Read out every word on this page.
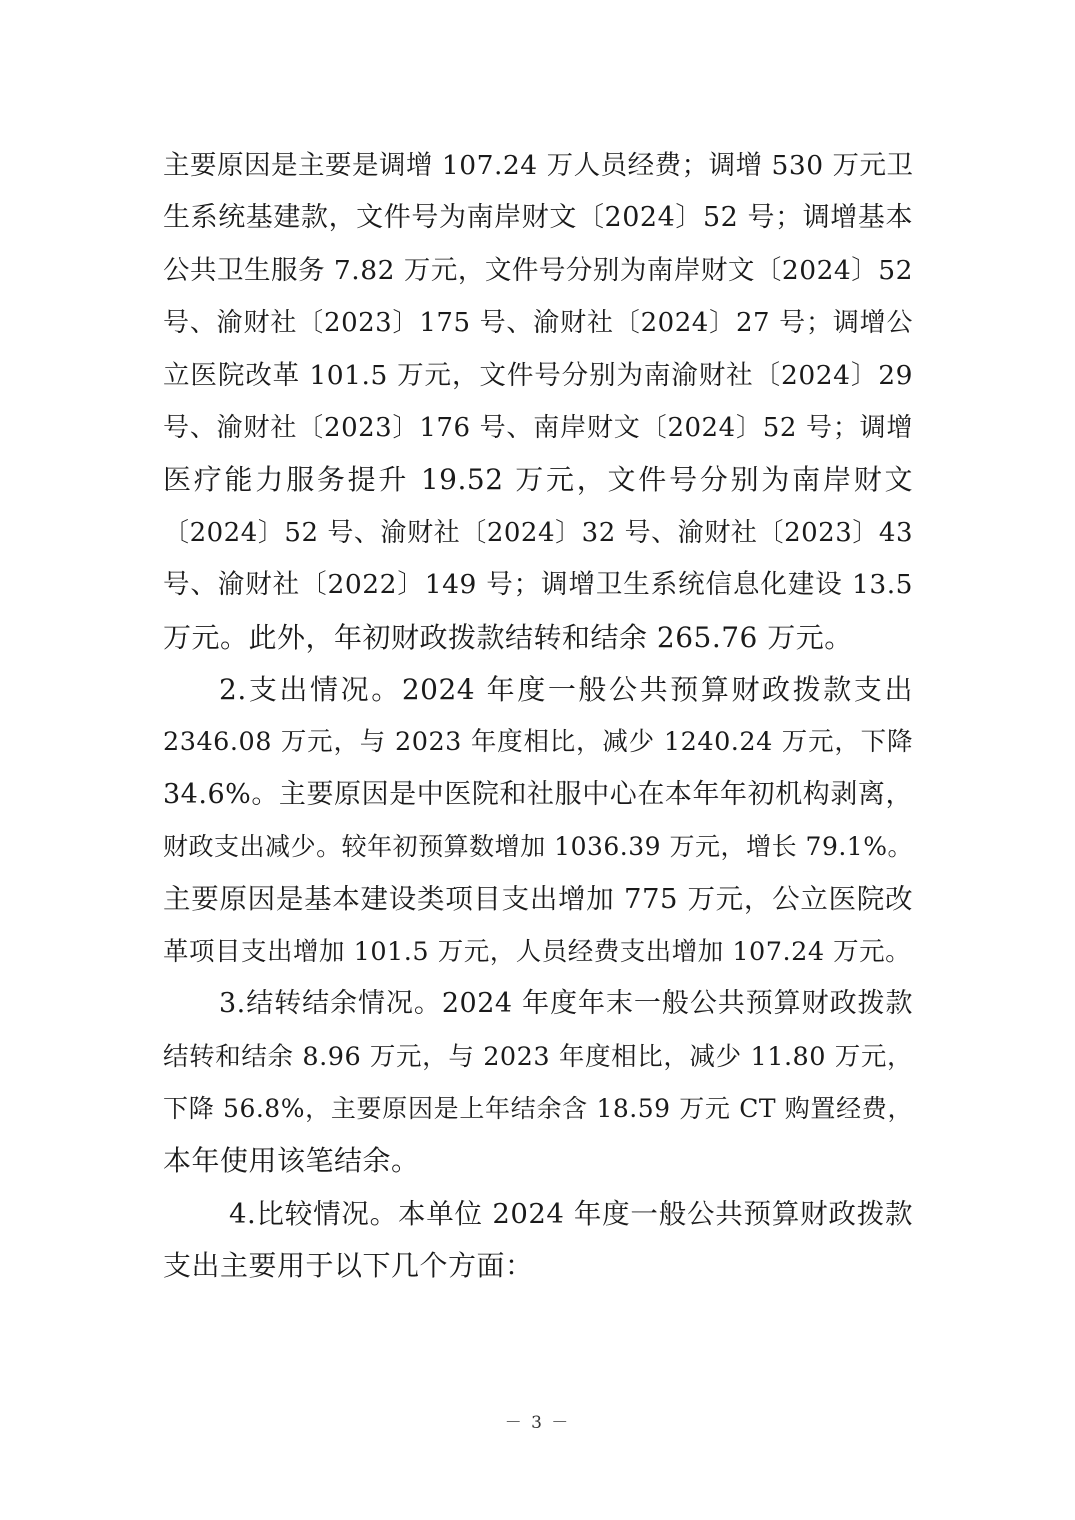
主要原因是主要是调增 107.24 万人员经费；调增 530 万元卫
生系统基建款，文件号为南岸财文〔2024〕52 号；调增基本
公共卫生服务 7.82 万元，文件号分别为南岸财文〔2024〕52
号、渝财社〔2023〕175 号、渝财社〔2024〕27 号；调增公
立医院改革 101.5 万元，文件号分别为南渝财社〔2024〕29
号、渝财社〔2023〕176 号、南岸财文〔2024〕52 号；调增
医疗能力服务提升 19.52 万元，文件号分别为南岸财文
〔2024〕52 号、渝财社〔2024〕32 号、渝财社〔2023〕43
号、渝财社〔2022〕149 号；调增卫生系统信息化建设 13.5
万元。此外，年初财政拨款结转和结余 265.76 万元。
2.支出情况。2024 年度一般公共预算财政拨款支出
2346.08 万元，与 2023 年度相比，减少 1240.24 万元，下降
34.6%。主要原因是中医院和社服中心在本年年初机构剥离，
财政支出减少。较年初预算数增加 1036.39 万元，增长 79.1%。
主要原因是基本建设类项目支出增加 775 万元，公立医院改
革项目支出增加 101.5 万元，人员经费支出增加 107.24 万元。
3.结转结余情况。2024 年度年末一般公共预算财政拨款
结转和结余 8.96 万元，与 2023 年度相比，减少 11.80 万元，
下降 56.8%，主要原因是上年结余含 18.59 万元 CT 购置经费，
本年使用该笔结余。
4.比较情况。本单位 2024 年度一般公共预算财政拨款
支出主要用于以下几个方面：
－ 3 －
